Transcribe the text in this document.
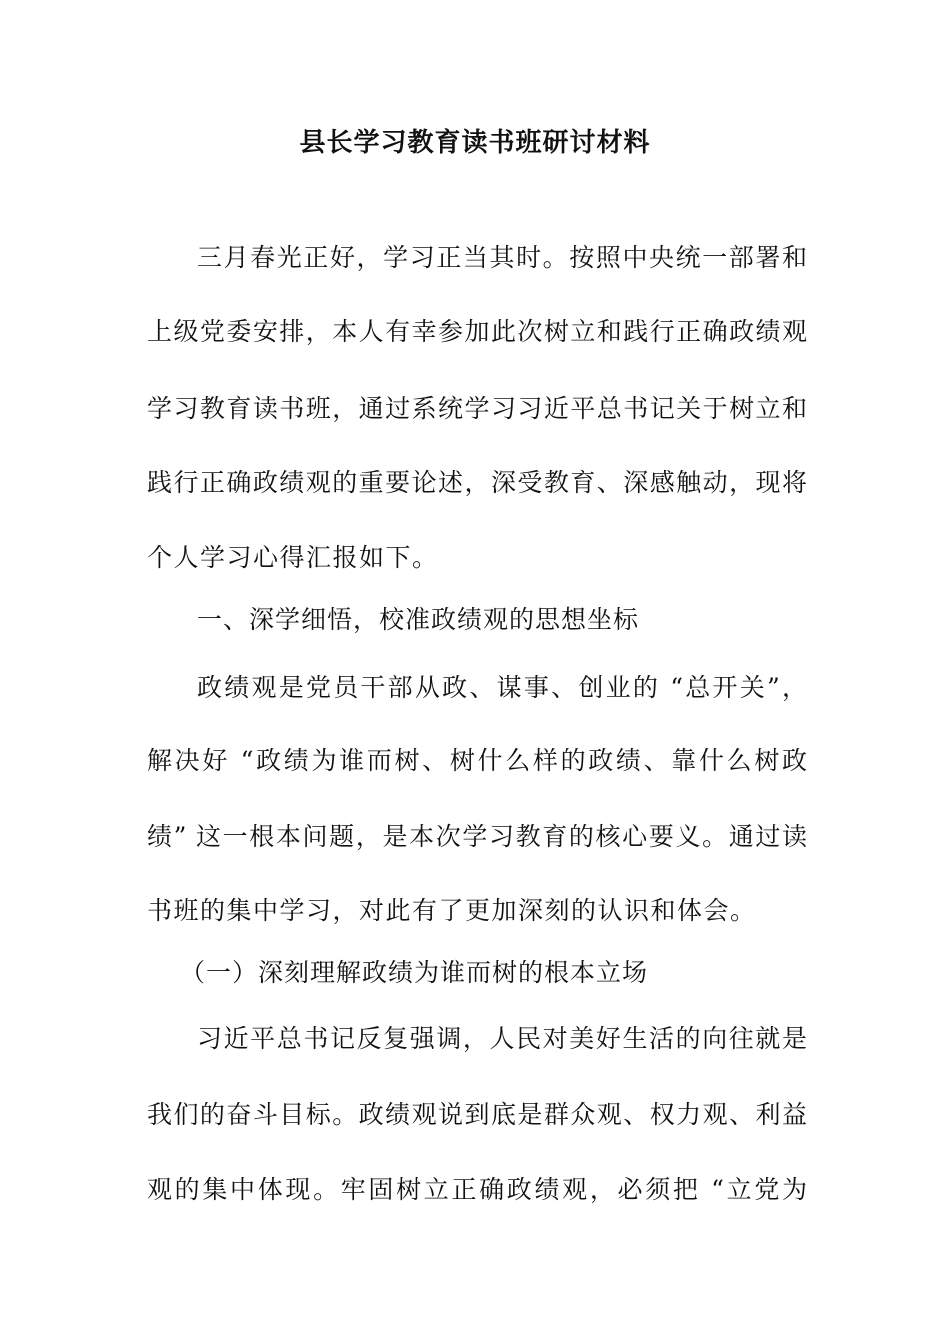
县长学习教育读书班研讨材料
三月春光正好，学习正当其时。按照中央统一部署和
上级党委安排，本人有幸参加此次树立和践行正确政绩观
学习教育读书班，通过系统学习习近平总书记关于树立和
践行正确政绩观的重要论述，深受教育、深感触动，现将
个人学习心得汇报如下。
一、深学细悟，校准政绩观的思想坐标
政绩观是党员干部从政、谋事、创业的 “总开关”，
解决好 “政绩为谁而树、树什么样的政绩、靠什么树政
绩” 这一根本问题，是本次学习教育的核心要义。通过读
书班的集中学习，对此有了更加深刻的认识和体会。
（一）深刻理解政绩为谁而树的根本立场
习近平总书记反复强调，人民对美好生活的向往就是
我们的奋斗目标。政绩观说到底是群众观、权力观、利益
观的集中体现。牢固树立正确政绩观，必须把 “立党为
